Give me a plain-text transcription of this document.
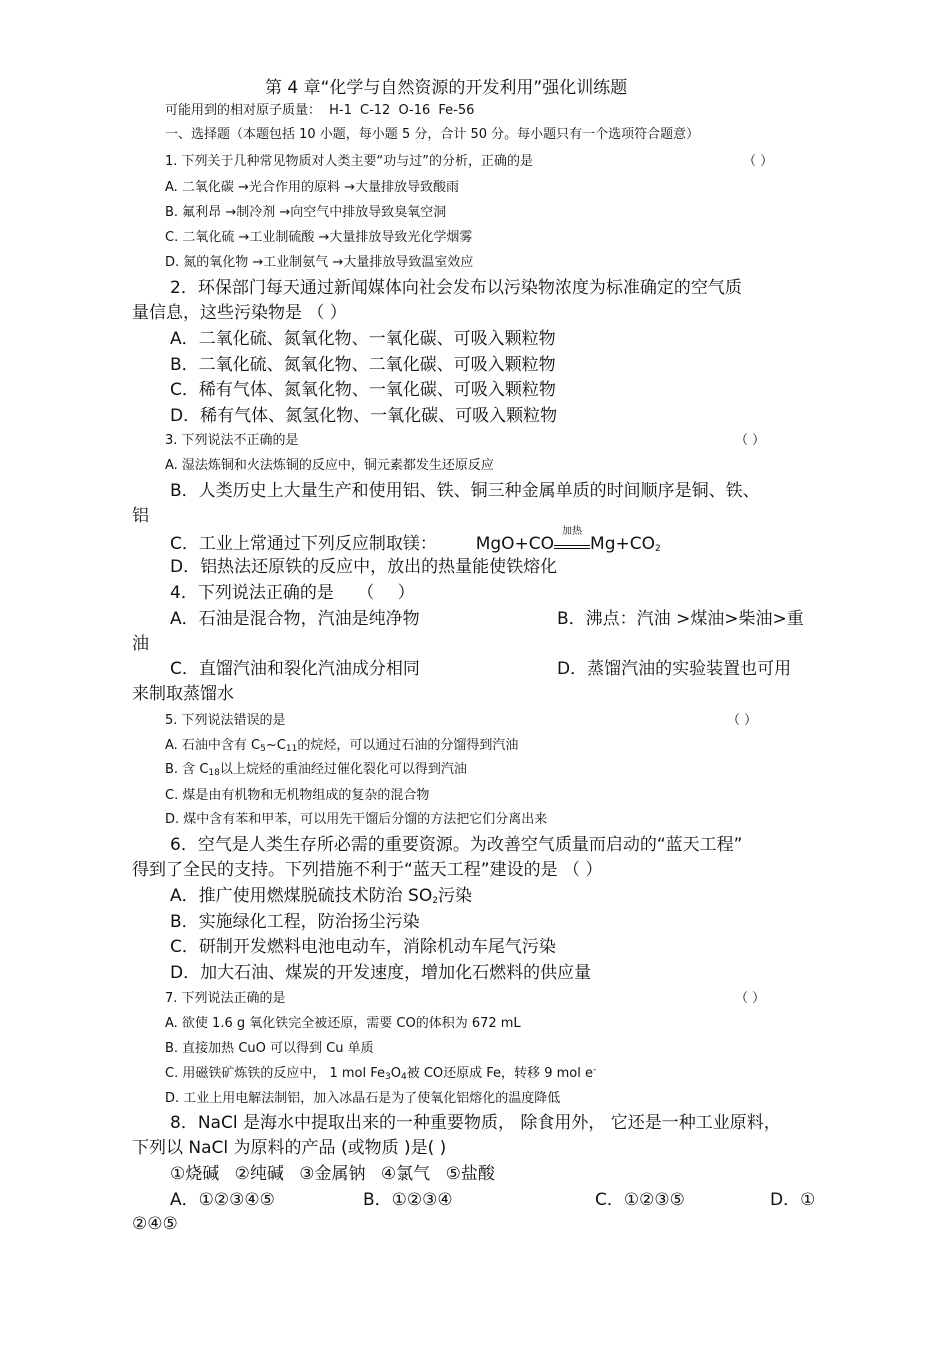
第 4 章“化学与自然资源的开发利用”强化训练题
可能用到的相对原子质量： H-1 C-12 O-16 Fe-56
一、选择题（本题包括 10 小题，每小题 5 分，合计 50 分。每小题只有一个选项符合题意）
1. 下列关于几种常见物质对人类主要“功与过”的分析，正确的是	（ ）
A. 二氧化碳 →光合作用的原料 →大量排放导致酸雨
B. 氟利昂 →制冷剂 →向空气中排放导致臭氧空洞
C. 二氧化硫 →工业制硫酸 →大量排放导致光化学烟雾
D. 氮的氧化物 →工业制氨气 →大量排放导致温室效应
2．环保部门每天通过新闻媒体向社会发布以污染物浓度为标准确定的空气质
量信息，这些污染物是 （ ）
A．二氧化硫、氮氧化物、一氧化碳、可吸入颗粒物
B．二氧化硫、氮氧化物、二氧化碳、可吸入颗粒物
C．稀有气体、氮氧化物、一氧化碳、可吸入颗粒物
D．稀有气体、氮氢化物、一氧化碳、可吸入颗粒物
3. 下列说法不正确的是	（ ）
A. 湿法炼铜和火法炼铜的反应中，铜元素都发生还原反应
B．人类历史上大量生产和使用铝、铁、铜三种金属单质的时间顺序是铜、铁、
铝
C．工业上常通过下列反应制取镁： MgO+CO
加热
$Mg+CO_2$
D．铝热法还原铁的反应中，放出的热量能使铁熔化
4．下列说法正确的是 （ ）
A．石油是混合物，汽油是纯净物	B．沸点：汽油 >煤油>柴油>重
油
C．直馏汽油和裂化汽油成分相同	D．蒸馏汽油的实验装置也可用
来制取蒸馏水
5. 下列说法错误的是	（ ）
A. 石油中含有 $C_5\sim C_{11}$的烷烃，可以通过石油的分馏得到汽油
B. 含 $C_{18}$以上烷烃的重油经过催化裂化可以得到汽油
C. 煤是由有机物和无机物组成的复杂的混合物
D. 煤中含有苯和甲苯，可以用先干馏后分馏的方法把它们分离出来
6．空气是人类生存所必需的重要资源。为改善空气质量而启动的“蓝天工程”
得到了全民的支持。下列措施不利于“蓝天工程”建设的是 （ ）
A．推广使用燃煤脱硫技术防治 $SO_2$污染
B．实施绿化工程，防治扬尘污染
C．研制开发燃料电池电动车，消除机动车尾气污染
D．加大石油、煤炭的开发速度，增加化石燃料的供应量
7. 下列说法正确的是	（ ）
A. 欲使 1.6 g 氧化铁完全被还原，需要 CO的体积为 672 mL
B. 直接加热 CuO 可以得到 Cu 单质
C. 用磁铁矿炼铁的反应中， 1 mol $Fe_3O_4$被 CO还原成 Fe，转移 9 mol e-
D. 工业上用电解法制铝，加入冰晶石是为了使氧化铝熔化的温度降低
8．NaCl 是海水中提取出来的一种重要物质， 除食用外， 它还是一种工业原料，
下列以 NaCl 为原料的产品 (或物质 )是( )
①烧碱 ②纯碱 ③金属钠 ④氯气 ⑤盐酸
A．①②③④⑤	B．①②③④	C．①②③⑤	D．①
②④⑤
